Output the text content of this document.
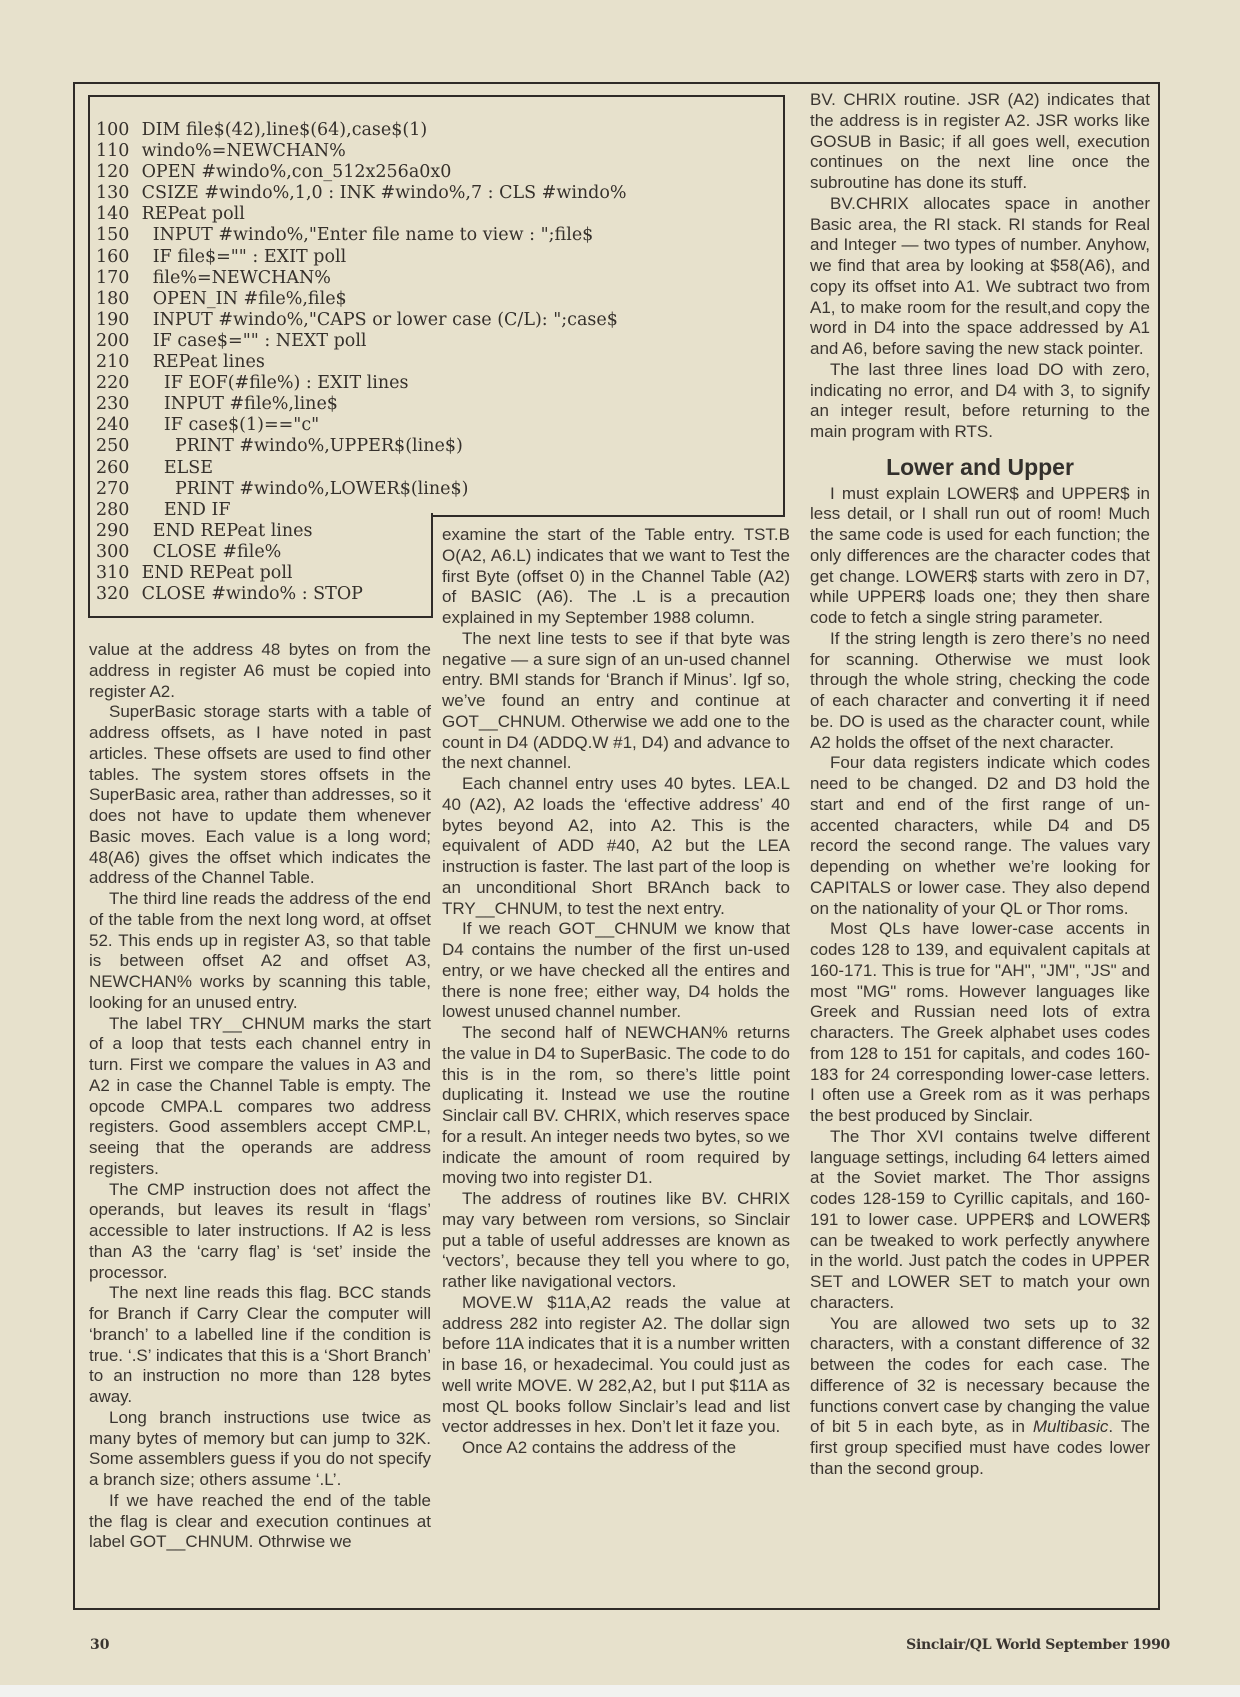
100 DIM file$(42),line$(64),case$(1)
110 windo%=NEWCHAN%
120 OPEN #windo%,con_512x256a0x0
130 CSIZE #windo%,1,0 : INK #windo%,7 : CLS #windo%
140 REPeat poll
150   INPUT #windo%,"Enter file name to view : ";file$
160   IF file$="" : EXIT poll
170   file%=NEWCHAN%
180   OPEN_IN #file%,file$
190   INPUT #windo%,"CAPS or lower case (C/L): ";case$
200   IF case$="" : NEXT poll
210   REPeat lines
220     IF EOF(#file%) : EXIT lines
230     INPUT #file%,line$
240     IF case$(1)=="c"
250       PRINT #windo%,UPPER$(line$)
260     ELSE
270       PRINT #windo%,LOWER$(line$)
280     END IF
290   END REPeat lines
300   CLOSE #file%
310 END REPeat poll
320 CLOSE #windo% : STOP

value at the address 48 bytes on from the address in register A6 must be copied into register A2.

SuperBasic storage starts with a table of address offsets, as I have noted in past articles. These offsets are used to find other tables. The system stores offsets in the SuperBasic area, rather than addresses, so it does not have to update them whenever Basic moves. Each value is a long word; 48(A6) gives the offset which indicates the address of the Channel Table.

The third line reads the address of the end of the table from the next long word, at offset 52. This ends up in register A3, so that table is between offset A2 and offset A3, NEWCHAN% works by scanning this table, looking for an unused entry.

The label TRY__CHNUM marks the start of a loop that tests each channel entry in turn. First we compare the values in A3 and A2 in case the Channel Table is empty. The opcode CMPA.L compares two address registers. Good assemblers accept CMP.L, seeing that the operands are address registers.

The CMP instruction does not affect the operands, but leaves its result in ‘flags’ accessible to later instructions. If A2 is less than A3 the ‘carry flag’ is ‘set’ inside the processor.

The next line reads this flag. BCC stands for Branch if Carry Clear the computer will ‘branch’ to a labelled line if the condition is true. ‘.S’ indicates that this is a ‘Short Branch’ to an instruction no more than 128 bytes away.

Long branch instructions use twice as many bytes of memory but can jump to 32K. Some assemblers guess if you do not specify a branch size; others assume ‘.L’.

If we have reached the end of the table the flag is clear and execution continues at label GOT__CHNUM. Othrwise we

examine the start of the Table entry. TST.B O(A2, A6.L) indicates that we want to Test the first Byte (offset 0) in the Channel Table (A2) of BASIC (A6). The .L is a precaution explained in my September 1988 column.

The next line tests to see if that byte was negative — a sure sign of an un-used channel entry. BMI stands for ‘Branch if Minus’. Igf so, we’ve found an entry and continue at GOT__CHNUM. Otherwise we add one to the count in D4 (ADDQ.W #1, D4) and advance to the next channel.

Each channel entry uses 40 bytes. LEA.L 40 (A2), A2 loads the ‘effective address’ 40 bytes beyond A2, into A2. This is the equivalent of ADD #40, A2 but the LEA instruction is faster. The last part of the loop is an unconditional Short BRAnch back to TRY__CHNUM, to test the next entry.

If we reach GOT__CHNUM we know that D4 contains the number of the first un-used entry, or we have checked all the entires and there is none free; either way, D4 holds the lowest unused channel number.

The second half of NEWCHAN% returns the value in D4 to SuperBasic. The code to do this is in the rom, so there’s little point duplicating it. Instead we use the routine Sinclair call BV. CHRIX, which reserves space for a result. An integer needs two bytes, so we indicate the amount of room required by moving two into register D1.

The address of routines like BV. CHRIX may vary between rom versions, so Sinclair put a table of useful addresses are known as ‘vectors’, because they tell you where to go, rather like navigational vectors.

MOVE.W $11A,A2 reads the value at address 282 into register A2. The dollar sign before 11A indicates that it is a number written in base 16, or hexadecimal. You could just as well write MOVE. W 282,A2, but I put $11A as most QL books follow Sinclair’s lead and list vector addresses in hex. Don’t let it faze you.

Once A2 contains the address of the

BV. CHRIX routine. JSR (A2) indicates that the address is in register A2. JSR works like GOSUB in Basic; if all goes well, execution continues on the next line once the subroutine has done its stuff.

BV.CHRIX allocates space in another Basic area, the RI stack. RI stands for Real and Integer — two types of number. Anyhow, we find that area by looking at $58(A6), and copy its offset into A1. We subtract two from A1, to make room for the result,and copy the word in D4 into the space addressed by A1 and A6, before saving the new stack pointer.

The last three lines load DO with zero, indicating no error, and D4 with 3, to signify an integer result, before returning to the main program with RTS.

Lower and Upper

I must explain LOWER$ and UPPER$ in less detail, or I shall run out of room! Much the same code is used for each function; the only differences are the character codes that get change. LOWER$ starts with zero in D7, while UPPER$ loads one; they then share code to fetch a single string parameter.

If the string length is zero there’s no need for scanning. Otherwise we must look through the whole string, checking the code of each character and converting it if need be. DO is used as the character count, while A2 holds the offset of the next character.

Four data registers indicate which codes need to be changed. D2 and D3 hold the start and end of the first range of un-accented characters, while D4 and D5 record the second range. The values vary depending on whether we’re looking for CAPITALS or lower case. They also depend on the nationality of your QL or Thor roms.

Most QLs have lower-case accents in codes 128 to 139, and equivalent capitals at 160-171. This is true for "AH", "JM", "JS" and most "MG" roms. However languages like Greek and Russian need lots of extra characters. The Greek alphabet uses codes from 128 to 151 for capitals, and codes 160-183 for 24 corresponding lower-case letters. I often use a Greek rom as it was perhaps the best produced by Sinclair.

The Thor XVI contains twelve different language settings, including 64 letters aimed at the Soviet market. The Thor assigns codes 128-159 to Cyrillic capitals, and 160-191 to lower case. UPPER$ and LOWER$ can be tweaked to work perfectly anywhere in the world. Just patch the codes in UPPER SET and LOWER SET to match your own characters.

You are allowed two sets up to 32 characters, with a constant difference of 32 between the codes for each case. The difference of 32 is necessary because the functions convert case by changing the value of bit 5 in each byte, as in Multibasic. The first group specified must have codes lower than the second group.

30	Sinclair/QL World September 1990
